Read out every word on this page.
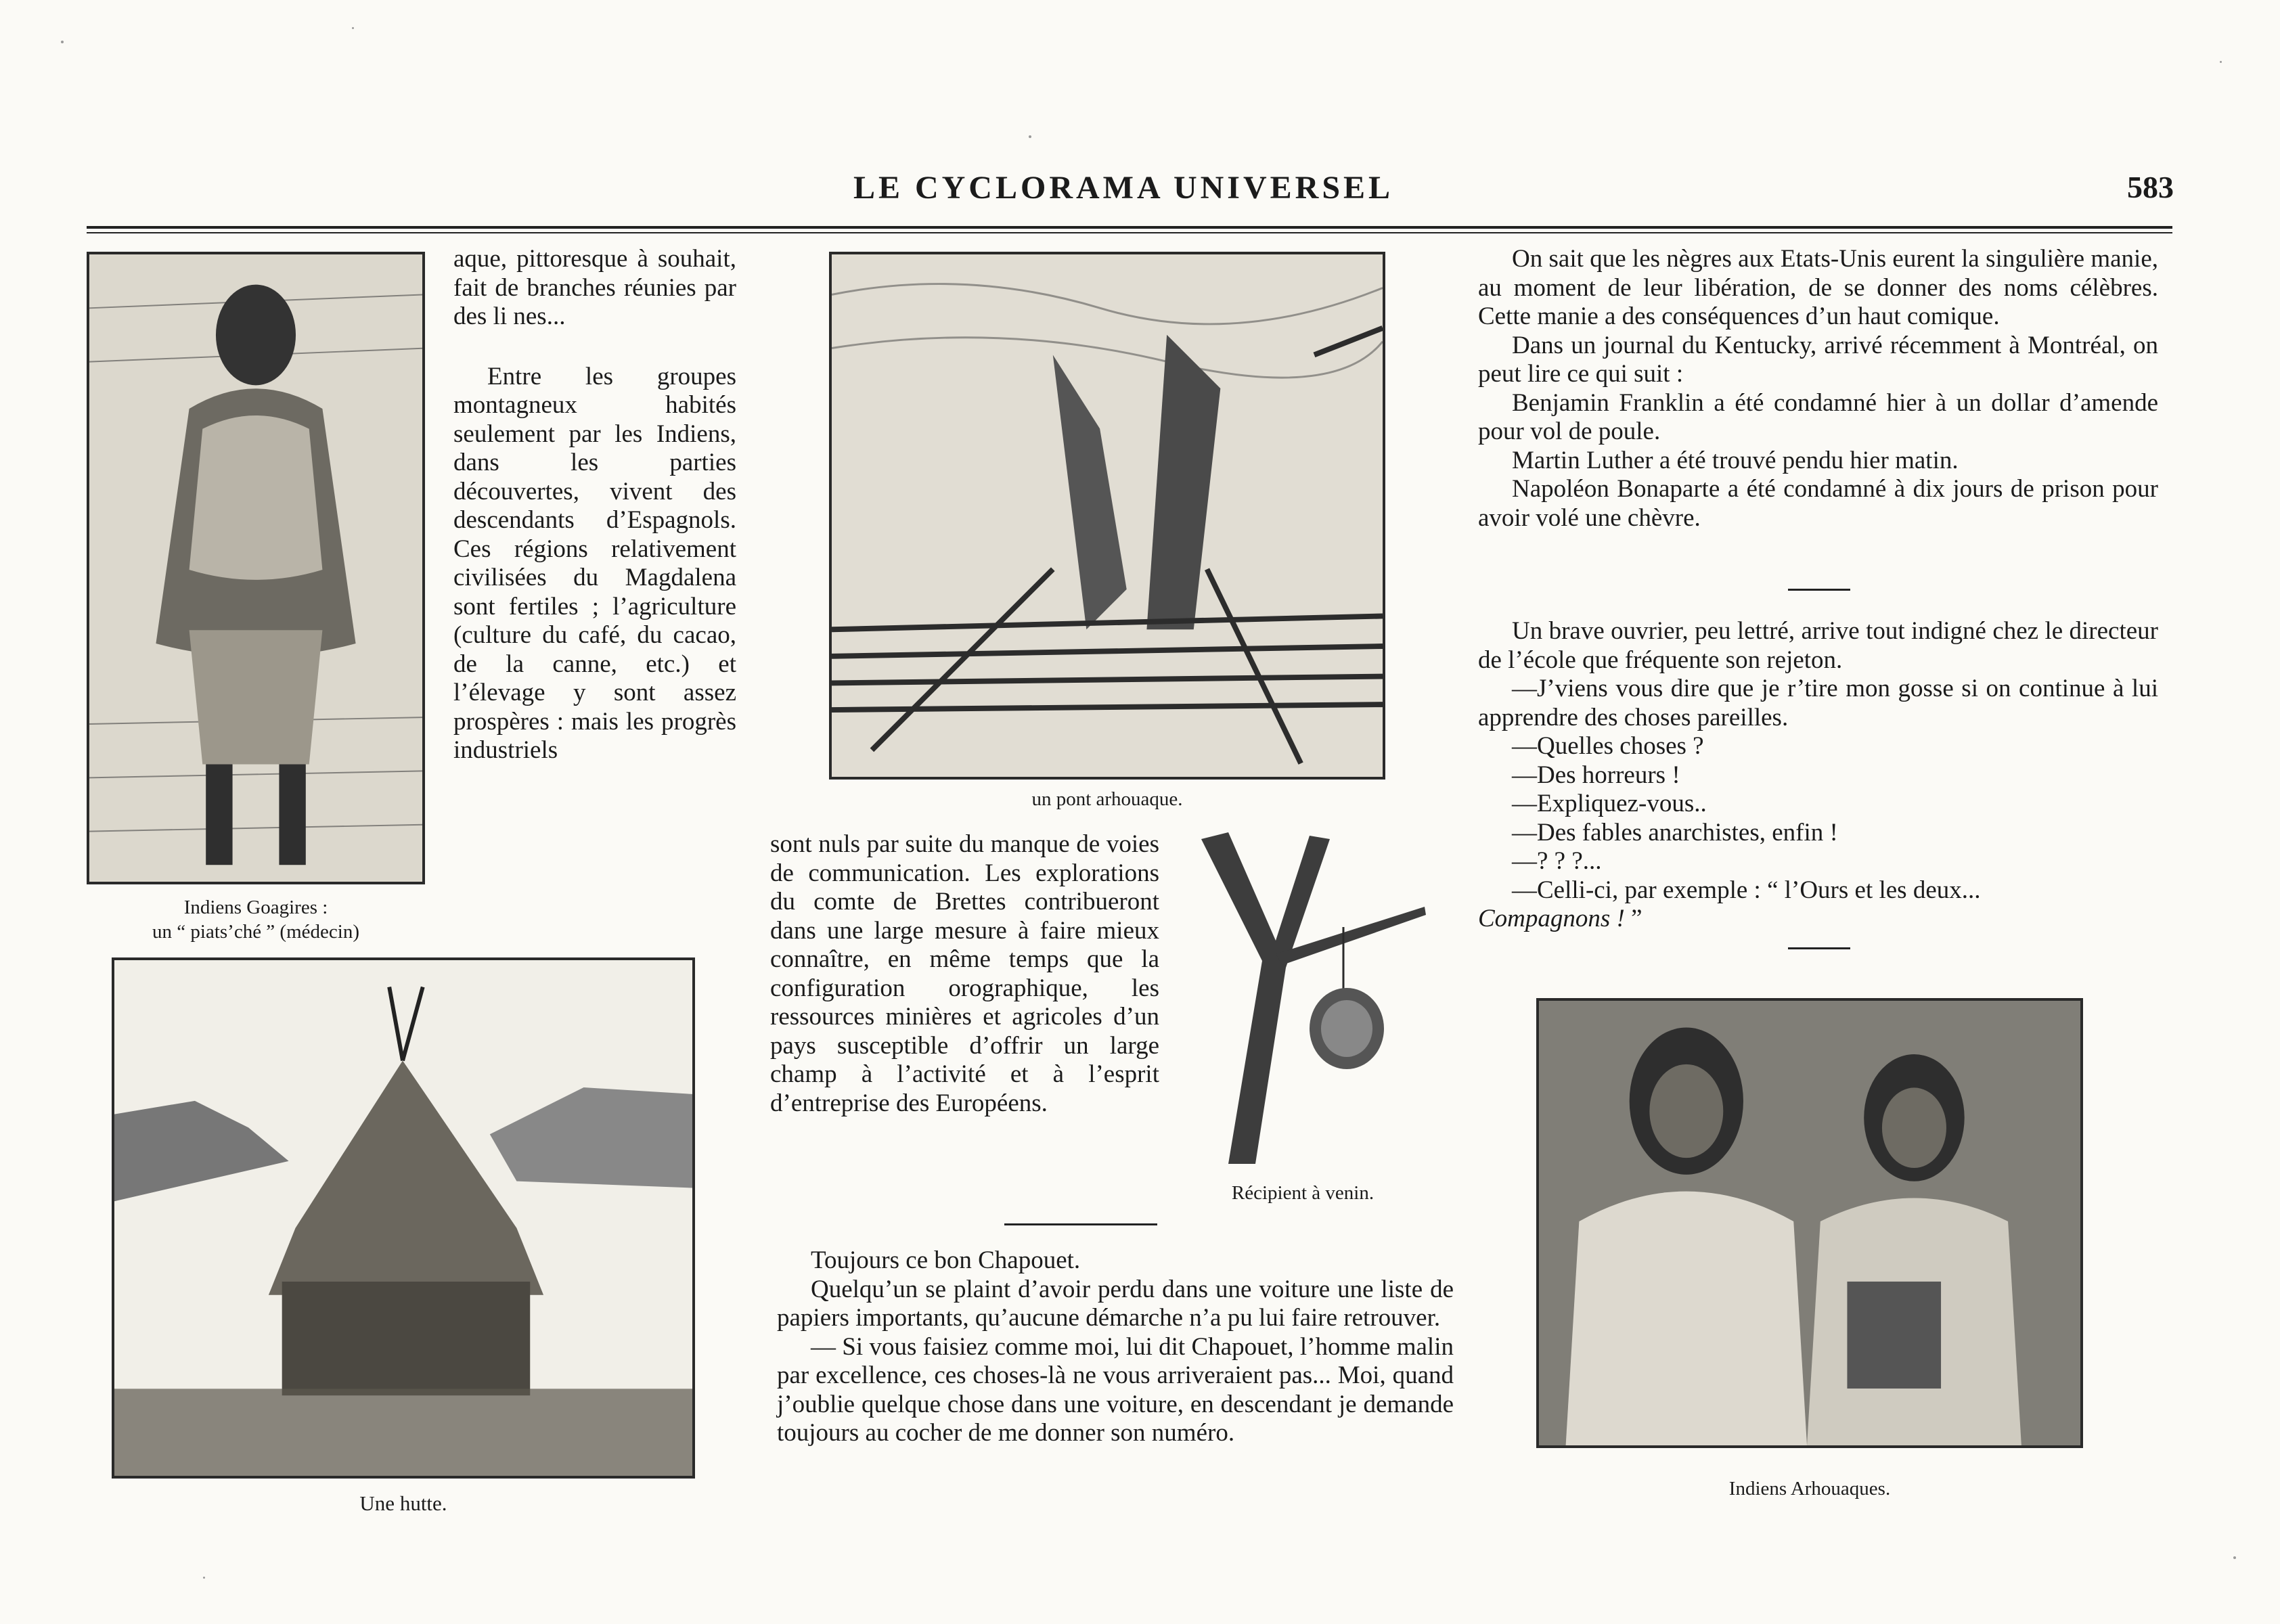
LE CYCLORAMA UNIVERSEL	583
Indiens Goagires :
un “ piats’ché ” (médecin)

aque, pittoresque à souhait, fait de branches réunies par des li nes...

Entre les groupes montagneux habités seulement par les Indiens, dans les parties découvertes, vivent des descendants d’Espagnols. Ces régions relativement civilisées du Magdalena sont fertiles ; l’agriculture (culture du café, du cacao, de la canne, etc.) et l’élevage y sont assez prospères : mais les progrès industriels

un pont arhouaque.
Une hutte.

sont nuls par suite du manque de voies de communication. Les explorations du comte de Brettes contribueront dans une large mesure à faire mieux connaître, en même temps que la configuration orographique, les ressources minières et agricoles d’un pays susceptible d’offrir un large champ à l’activité et à l’esprit d’entreprise des Européens.

Récipient à venin.

Toujours ce bon Chapouet.

Quelqu’un se plaint d’avoir perdu dans une voiture une liste de papiers importants, qu’aucune démarche n’a pu lui faire retrouver.

— Si vous faisiez comme moi, lui dit Chapouet, l’homme malin par excellence, ces choses-là ne vous arriveraient pas... Moi, quand j’oublie quelque chose dans une voiture, en descendant je demande toujours au cocher de me donner son numéro.

On sait que les nègres aux Etats-Unis eurent la singulière manie, au moment de leur libération, de se donner des noms célèbres. Cette manie a des conséquences d’un haut comique.

Dans un journal du Kentucky, arrivé récemment à Montréal, on peut lire ce qui suit :

Benjamin Franklin a été condamné hier à un dollar d’amende pour vol de poule.

Martin Luther a été trouvé pendu hier matin.

Napoléon Bonaparte a été condamné à dix jours de prison pour avoir volé une chèvre.

Un brave ouvrier, peu lettré, arrive tout indigné chez le directeur de l’école que fréquente son rejeton.

—J’viens vous dire que je r’tire mon gosse si on continue à lui apprendre des choses pareilles.

—Quelles choses ?

—Des horreurs !

—Expliquez-vous..

—Des fables anarchistes, enfin !

—? ? ?...

—Celli-ci, par exemple : “ l’Ours et les deux...

Compagnons ! ”

Indiens Arhouaques.
